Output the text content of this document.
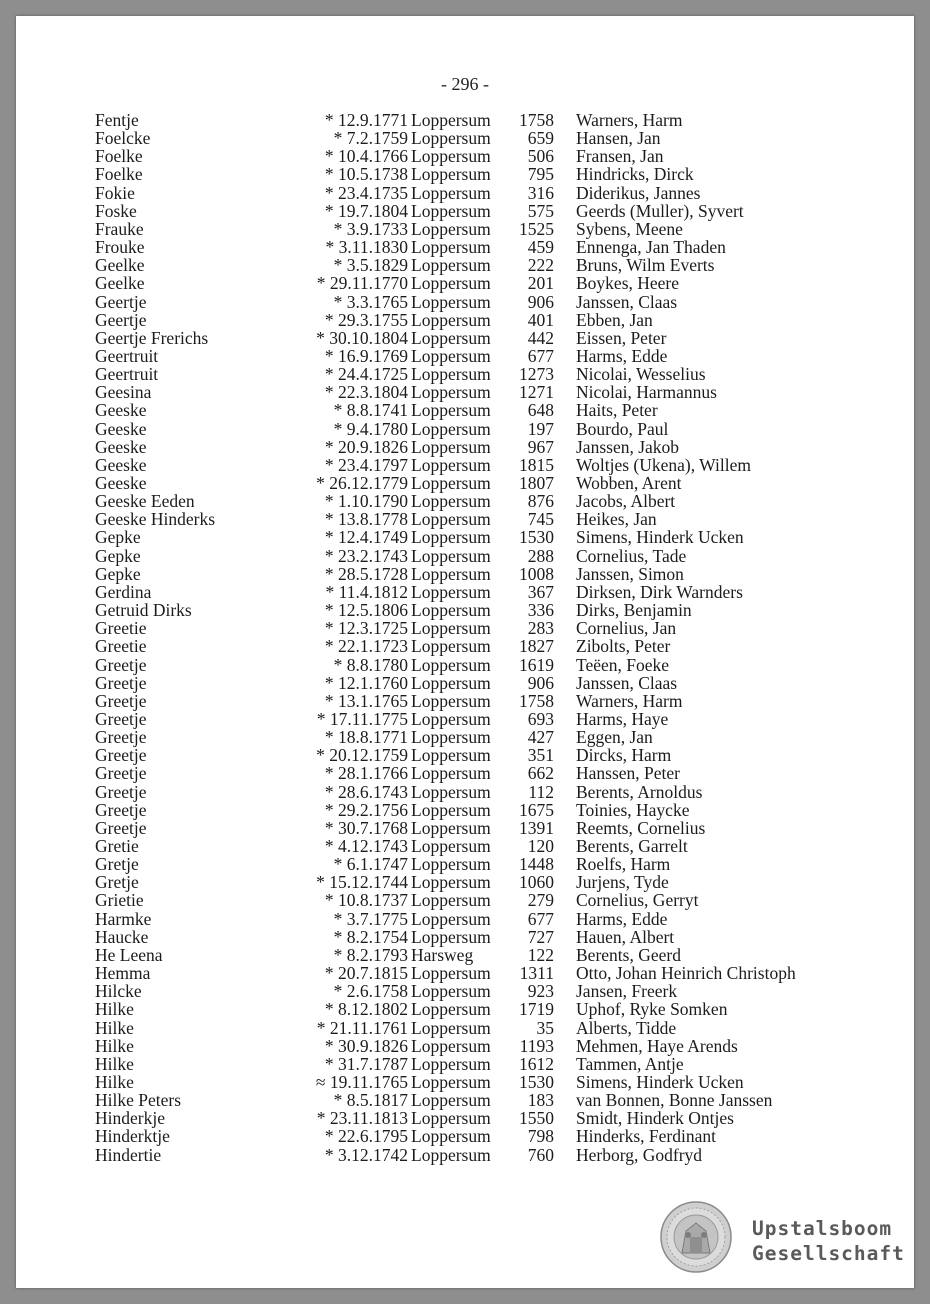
- 296 -
Fentje	* 12.9.1771 Loppersum 1758 Warners, Harm
Foelcke	* 7.2.1759 Loppersum 659 Hansen, Jan
Foelke	* 10.4.1766 Loppersum 506 Fransen, Jan
Foelke	* 10.5.1738 Loppersum 795 Hindricks, Dirck
Fokie	* 23.4.1735 Loppersum 316 Diderikus, Jannes
Foske	* 19.7.1804 Loppersum 575 Geerds (Muller), Syvert
Frauke	* 3.9.1733 Loppersum 1525 Sybens, Meene
Frouke	* 3.11.1830 Loppersum 459 Ennenga, Jan Thaden
Geelke	* 3.5.1829 Loppersum 222 Bruns, Wilm Everts
Geelke	* 29.11.1770 Loppersum 201 Boykes, Heere
Geertje	* 3.3.1765 Loppersum 906 Janssen, Claas
Geertje	* 29.3.1755 Loppersum 401 Ebben, Jan
Geertje Frerichs	* 30.10.1804 Loppersum 442 Eissen, Peter
Geertruit	* 16.9.1769 Loppersum 677 Harms, Edde
Geertruit	* 24.4.1725 Loppersum 1273 Nicolai, Wesselius
Geesina	* 22.3.1804 Loppersum 1271 Nicolai, Harmannus
Geeske	* 8.8.1741 Loppersum 648 Haits, Peter
Geeske	* 9.4.1780 Loppersum 197 Bourdo, Paul
Geeske	* 20.9.1826 Loppersum 967 Janssen, Jakob
Geeske	* 23.4.1797 Loppersum 1815 Woltjes (Ukena), Willem
Geeske	* 26.12.1779 Loppersum 1807 Wobben, Arent
Geeske Eeden	* 1.10.1790 Loppersum 876 Jacobs, Albert
Geeske Hinderks	* 13.8.1778 Loppersum 745 Heikes, Jan
Gepke	* 12.4.1749 Loppersum 1530 Simens, Hinderk Ucken
Gepke	* 23.2.1743 Loppersum 288 Cornelius, Tade
Gepke	* 28.5.1728 Loppersum 1008 Janssen, Simon
Gerdina	* 11.4.1812 Loppersum 367 Dirksen, Dirk Warnders
Getruid Dirks	* 12.5.1806 Loppersum 336 Dirks, Benjamin
Greetie	* 12.3.1725 Loppersum 283 Cornelius, Jan
Greetie	* 22.1.1723 Loppersum 1827 Zibolts, Peter
Greetje	* 8.8.1780 Loppersum 1619 Teëen, Foeke
Greetje	* 12.1.1760 Loppersum 906 Janssen, Claas
Greetje	* 13.1.1765 Loppersum 1758 Warners, Harm
Greetje	* 17.11.1775 Loppersum 693 Harms, Haye
Greetje	* 18.8.1771 Loppersum 427 Eggen, Jan
Greetje	* 20.12.1759 Loppersum 351 Dircks, Harm
Greetje	* 28.1.1766 Loppersum 662 Hanssen, Peter
Greetje	* 28.6.1743 Loppersum 112 Berents, Arnoldus
Greetje	* 29.2.1756 Loppersum 1675 Toinies, Haycke
Greetje	* 30.7.1768 Loppersum 1391 Reemts, Cornelius
Gretie	* 4.12.1743 Loppersum 120 Berents, Garrelt
Gretje	* 6.1.1747 Loppersum 1448 Roelfs, Harm
Gretje	* 15.12.1744 Loppersum 1060 Jurjens, Tyde
Grietie	* 10.8.1737 Loppersum 279 Cornelius, Gerryt
Harmke	* 3.7.1775 Loppersum 677 Harms, Edde
Haucke	* 8.2.1754 Loppersum 727 Hauen, Albert
He Leena	* 8.2.1793 Harsweg	122 Berents, Geerd
Hemma	* 20.7.1815 Loppersum 1311 Otto, Johan Heinrich Christoph
Hilcke	* 2.6.1758 Loppersum 923 Jansen, Freerk
Hilke	* 8.12.1802 Loppersum 1719 Uphof, Ryke Somken
Hilke	* 21.11.1761 Loppersum	35 Alberts, Tidde
Hilke	* 30.9.1826 Loppersum 1193 Mehmen, Haye Arends
Hilke	* 31.7.1787 Loppersum 1612 Tammen, Antje
Hilke	≈ 19.11.1765 Loppersum 1530 Simens, Hinderk Ucken
Hilke Peters	* 8.5.1817 Loppersum 183 van Bonnen, Bonne Janssen
Hinderkje	* 23.11.1813 Loppersum 1550 Smidt, Hinderk Ontjes
Hinderktje	* 22.6.1795 Loppersum 798 Hinderks, Ferdinant
Hindertie	* 3.12.1742 Loppersum 760 Herborg, Godfryd
Upstalsboom
Gesellschaft
